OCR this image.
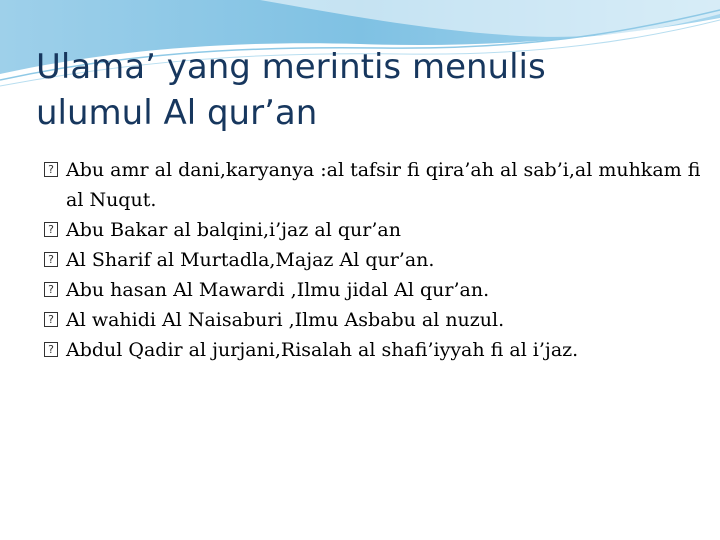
Ulama’ yang merintis menulis
ulumul Al qur’an
? Abu amr al dani,karyanya :al tafsir fi qira’ah al sab’i,al muhkam fi al Nuqut.
? Abu Bakar al balqini,i’jaz al qur’an
? Al Sharif al Murtadla,Majaz Al qur’an.
? Abu hasan Al Mawardi ,Ilmu jidal Al qur’an.
? Al wahidi Al Naisaburi ,Ilmu Asbabu al nuzul.
? Abdul Qadir al jurjani,Risalah al shafi’iyyah fi al i’jaz.
